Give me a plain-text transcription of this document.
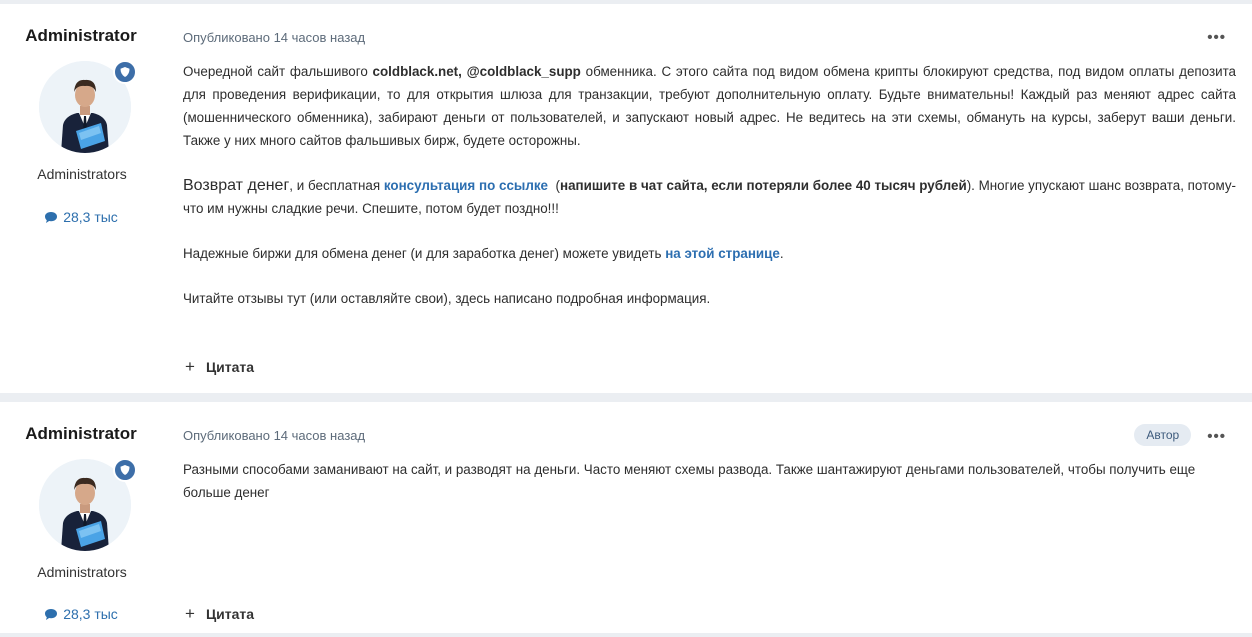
Administrator
Administrators
28,3 тыс
Опубликовано 14 часов назад	•••

Очередной сайт фальшивого coldblack.net, @coldblack_supp обменника. С этого сайта под видом обмена крипты блокируют средства, под видом оплаты депозита для проведения верификации, то для открытия шлюза для транзакции, требуют дополнительную оплату. Будьте внимательны! Каждый раз меняют адрес сайта (мошеннического обменника), забирают деньги от пользователей, и запускают новый адрес. Не ведитесь на эти схемы, обмануть на курсы, заберут ваши деньги. Также у них много сайтов фальшивых бирж, будете осторожны.

Возврат денег, и бесплатная консультация по ссылке  (напишите в чат сайта, если потеряли более 40 тысяч рублей). Многие упускают шанс возврата, потому-что им нужны сладкие речи. Спешите, потом будет поздно!!!

Надежные биржи для обмена денег (и для заработка денег) можете увидеть на этой странице.

Читайте отзывы тут (или оставляйте свои), здесь написано подробная информация.

+ Цитата
Administrator
Administrators
28,3 тыс
Опубликовано 14 часов назад	Автор	•••

Разными способами заманивают на сайт, и разводят на деньги. Часто меняют схемы развода. Также шантажируют деньгами пользователей, чтобы получить еще больше денег

+ Цитата
